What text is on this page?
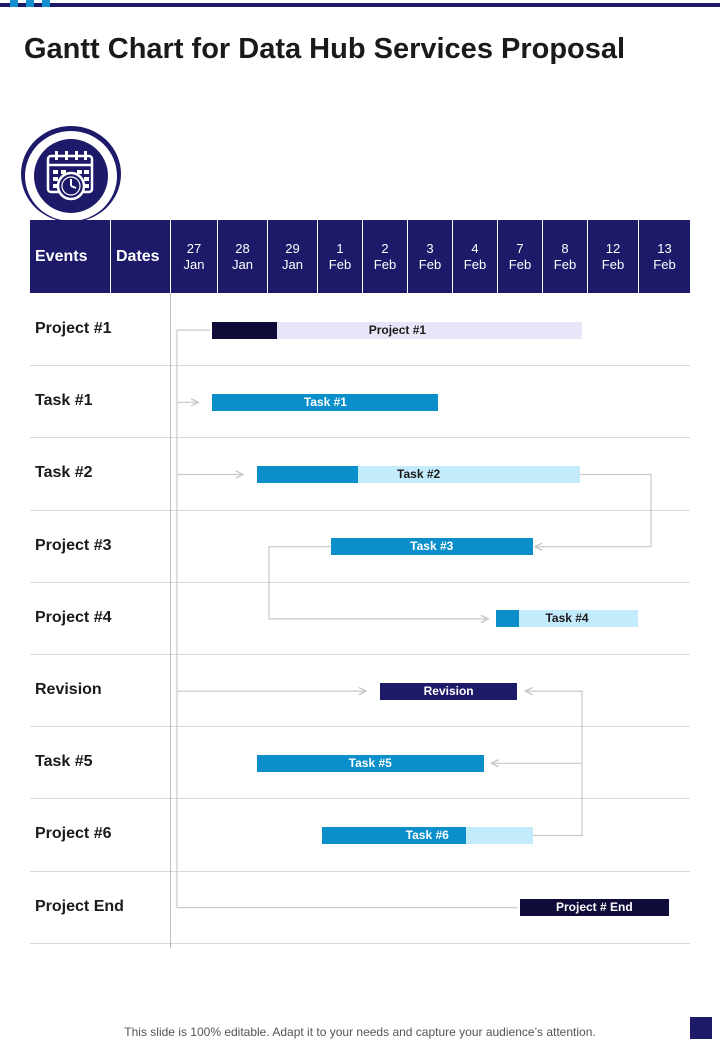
Gantt Chart for Data Hub Services Proposal
Events	Dates	27
Jan
28
Jan
29
Jan
1
Feb
2
Feb
3
Feb
4
Feb
7
Feb
8
Feb
12
Feb
13
Feb
Project #1
Task #1
Task #2
Project #3
Project #4
Revision
Task #5
Project #6
Project End
Project #1
Task #1
Task #2
Task #3
Task #4
Revision
Task #5
Task #6
Project # End
This slide is 100% editable. Adapt it to your needs and capture your audience’s attention.
